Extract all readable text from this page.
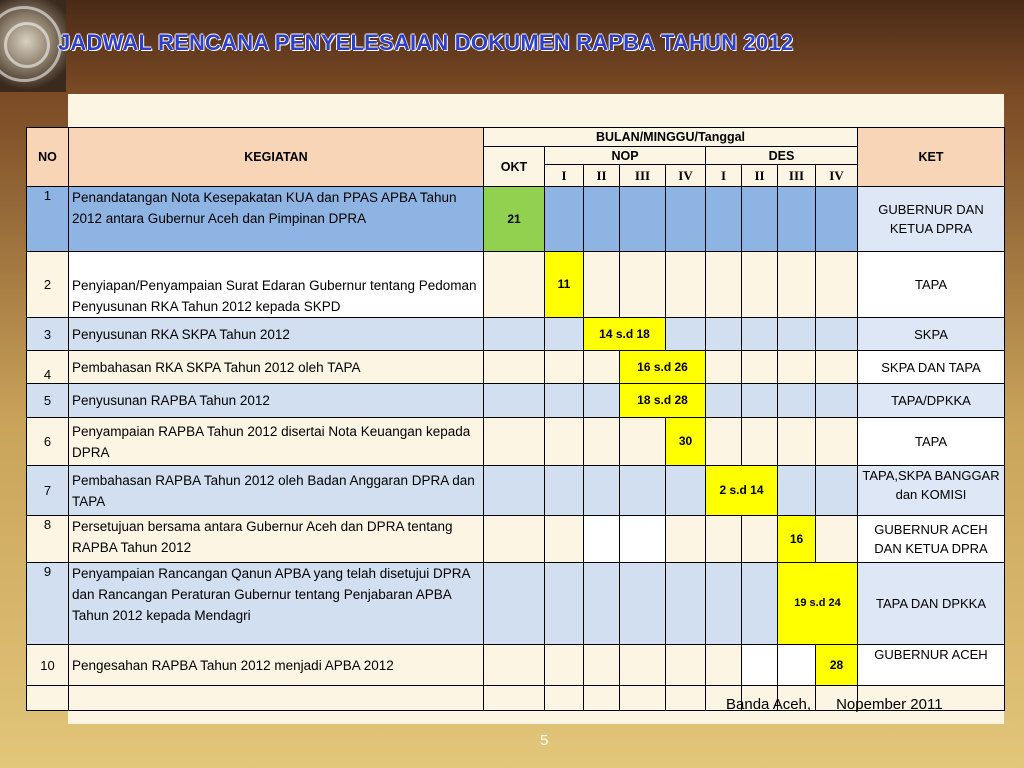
JADWAL RENCANA PENYELESAIAN DOKUMEN RAPBA TAHUN 2012
NO	KEGIATAN	BULAN/MINGGU/Tanggal									KET
		OKT	NOP				DES				
			I	II	III	IV	I	II	III	IV	
1	Penandatangan Nota Kesepakatan KUA dan PPAS APBA Tahun 2012 antara Gubernur Aceh dan Pimpinan DPRA	21									GUBERNUR DAN KETUA DPRA
2	Penyiapan/Penyampaian Surat Edaran Gubernur tentang Pedoman Penyusunan RKA Tahun 2012 kepada SKPD		11								TAPA
3	Penyusunan RKA SKPA Tahun 2012			14 s.d 18							SKPA
4	Pembahasan RKA SKPA Tahun 2012 oleh TAPA				16 s.d 26						SKPA DAN TAPA
5	Penyusunan RAPBA Tahun 2012				18 s.d 28						TAPA/DPKKA
6	Penyampaian RAPBA Tahun 2012 disertai Nota Keuangan kepada DPRA					30					TAPA
7	Pembahasan RAPBA Tahun 2012 oleh Badan Anggaran DPRA dan TAPA						2 s.d 14				TAPA,SKPA BANGGAR dan KOMISI
8	Persetujuan bersama antara Gubernur Aceh dan DPRA tentang RAPBA Tahun 2012								16		GUBERNUR ACEH DAN KETUA DPRA
9	Penyampaian Rancangan Qanun APBA yang telah disetujui DPRA dan Rancangan Peraturan Gubernur tentang Penjabaran APBA Tahun 2012 kepada Mendagri								19 s.d 24		TAPA DAN DPKKA
10	Pengesahan RAPBA Tahun 2012 menjadi APBA 2012									28	GUBERNUR ACEH

Banda Aceh, Nopember 2011
5
